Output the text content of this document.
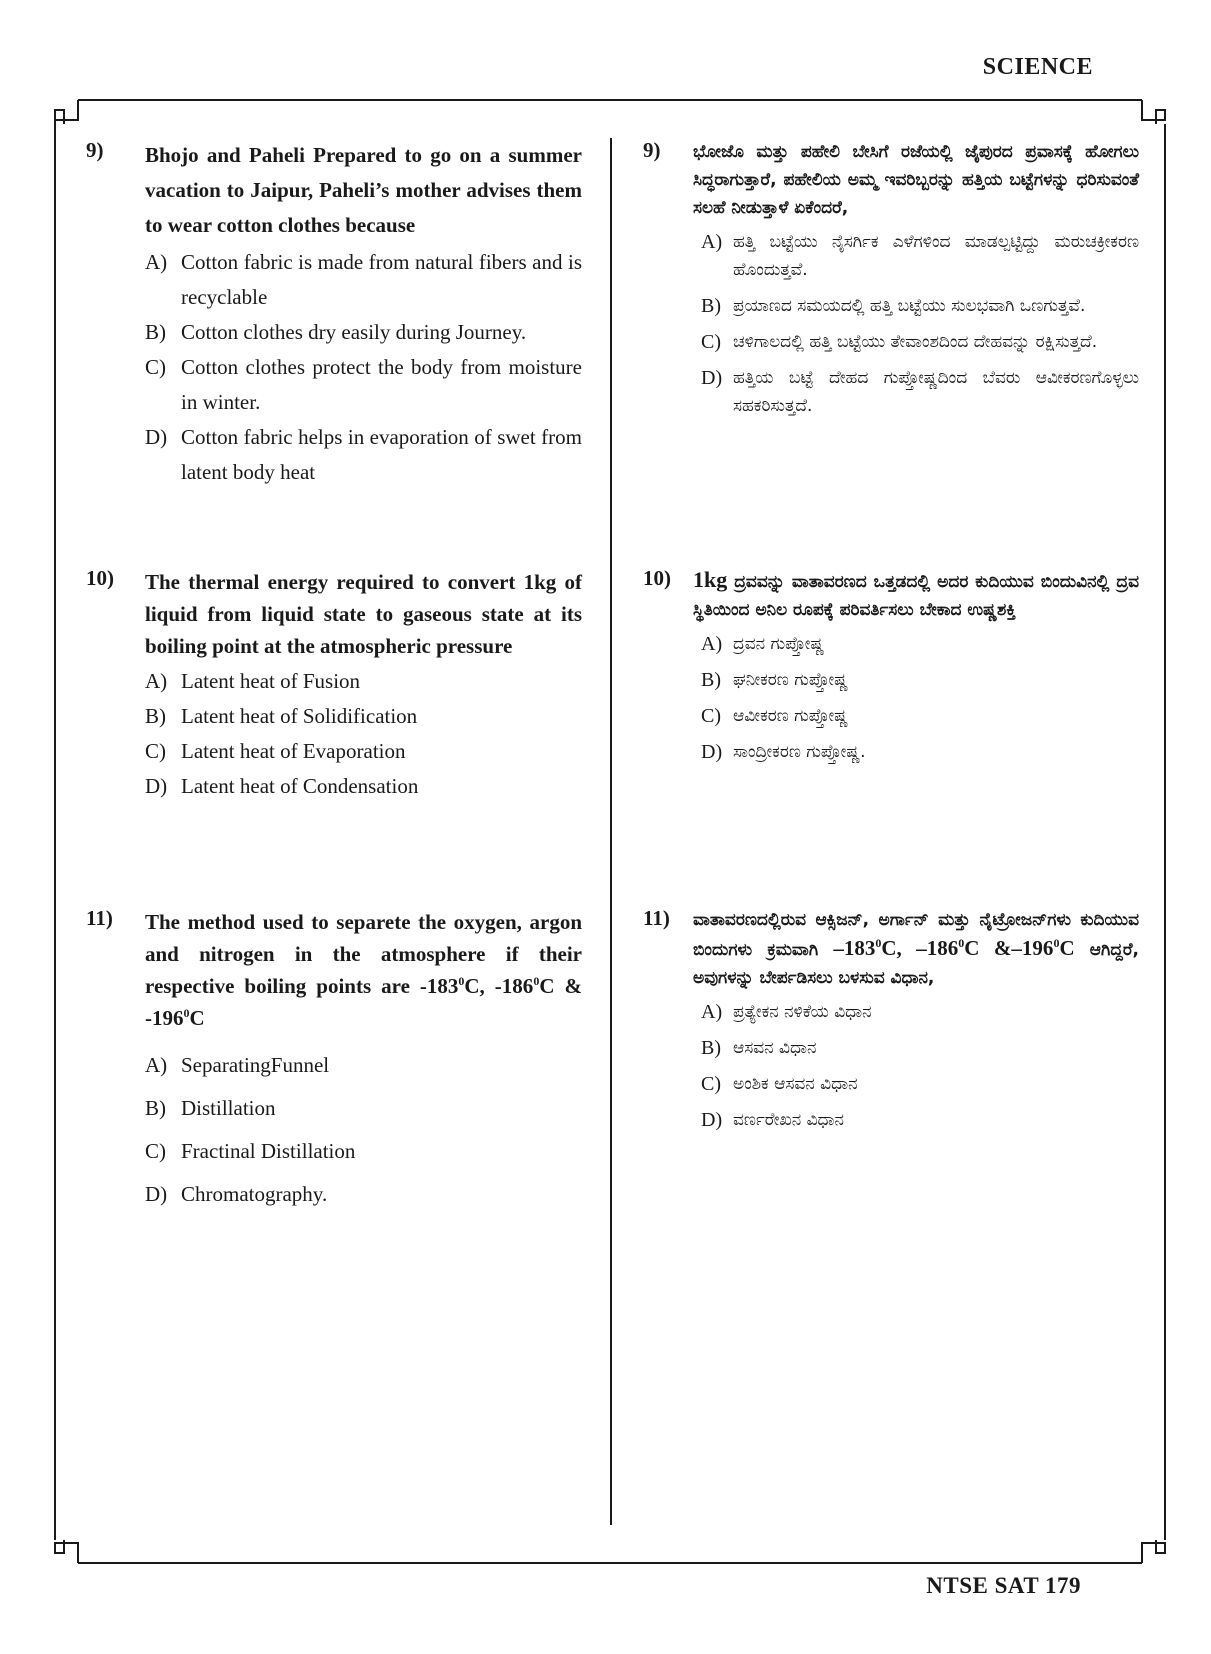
SCIENCE
9) Bhojo and Paheli Prepared to go on a summer vacation to Jaipur, Paheli’s mother advises them to wear cotton clothes because
A) Cotton fabric is made from natural fibers and is recyclable
B) Cotton clothes dry easily during Journey.
C) Cotton clothes protect the body from moisture in winter.
D) Cotton fabric helps in evaporation of swet from latent body heat
10) The thermal energy required to convert 1kg of liquid from liquid state to gaseous state at its boiling point at the atmospheric pressure
A) Latent heat of Fusion
B) Latent heat of Solidification
C) Latent heat of Evaporation
D) Latent heat of Condensation
11) The method used to separete the oxygen, argon and nitrogen in the atmosphere if their respective boiling points are $-183^0C$, $-186^0C$ & $-196^0C$
A) SeparatingFunnel
B) Distillation
C) Fractinal Distillation
D) Chromatography.
9) ಭೋಜೊ ಮತ್ತು ಪಹೇಲಿ ಬೇಸಿಗೆ ರಜೆಯಲ್ಲಿ ಜೈಪುರದ ಪ್ರವಾಸಕ್ಕೆ ಹೋಗಲು ಸಿದ್ಧರಾಗುತ್ತಾರೆ, ಪಹೇಲಿಯ ಅಮ್ಮ ಇವರಿಬ್ಬರನ್ನು ಹತ್ತಿಯ ಬಟ್ಟೆಗಳನ್ನು ಧರಿಸುವಂತೆ ಸಲಹೆ ನೀಡುತ್ತಾಳೆ ಏಕೆಂದರೆ,
A) ಹತ್ತಿ ಬಟ್ಟೆಯು ನೈಸರ್ಗಿಕ ಎಳೆಗಳಿಂದ ಮಾಡಲ್ಪಟ್ಟಿದ್ದು ಮರುಚಕ್ರೀಕರಣ ಹೊಂದುತ್ತವೆ.
B) ಪ್ರಯಾಣದ ಸಮಯದಲ್ಲಿ ಹತ್ತಿ ಬಟ್ಟೆಯು ಸುಲಭವಾಗಿ ಒಣಗುತ್ತವೆ.
C) ಚಳಿಗಾಲದಲ್ಲಿ ಹತ್ತಿ ಬಟ್ಟೆಯು ತೇವಾಂಶದಿಂದ ದೇಹವನ್ನು ರಕ್ಷಿಸುತ್ತದೆ.
D) ಹತ್ತಿಯ ಬಟ್ಟೆ ದೇಹದ ಗುಪ್ತೋಷ್ಣದಿಂದ ಬೆವರು ಆವೀಕರಣಗೊಳ್ಳಲು ಸಹಕರಿಸುತ್ತದೆ.
10) 1kg ದ್ರವವನ್ನು ವಾತಾವರಣದ ಒತ್ತಡದಲ್ಲಿ ಅದರ ಕುದಿಯುವ ಬಿಂದುವಿನಲ್ಲಿ ದ್ರವ ಸ್ಥಿತಿಯಿಂದ ಅನಿಲ ರೂಪಕ್ಕೆ ಪರಿವರ್ತಿಸಲು ಬೇಕಾದ ಉಷ್ಣಶಕ್ತಿ
A) ದ್ರವನ ಗುಪ್ತೋಷ್ಣ
B) ಘನೀಕರಣ ಗುಪ್ತೋಷ್ಣ
C) ಆವೀಕರಣ ಗುಪ್ತೋಷ್ಣ
D) ಸಾಂದ್ರೀಕರಣ ಗುಪ್ತೋಷ್ಣ.
11) ವಾತಾವರಣದಲ್ಲಿರುವ ಆಕ್ಸಿಜನ್, ಅರ್ಗಾನ್ ಮತ್ತು ನೈಟ್ರೋಜನ್‌ಗಳು ಕುದಿಯುವ ಬಿಂದುಗಳು ಕ್ರಮವಾಗಿ $-183^0C$, $-186^0C$ $\&-196^0C$ ಆಗಿದ್ದರೆ, ಅವುಗಳನ್ನು ಬೇರ್ಪಡಿಸಲು ಬಳಸುವ ವಿಧಾನ,
A) ಪ್ರತ್ಯೇಕನ ನಳಿಕೆಯ ವಿಧಾನ
B) ಆಸವನ ವಿಧಾನ
C) ಅಂಶಿಕ ಆಸವನ ವಿಧಾನ
D) ವರ್ಣರೇಖನ ವಿಧಾನ
NTSE SAT 179
